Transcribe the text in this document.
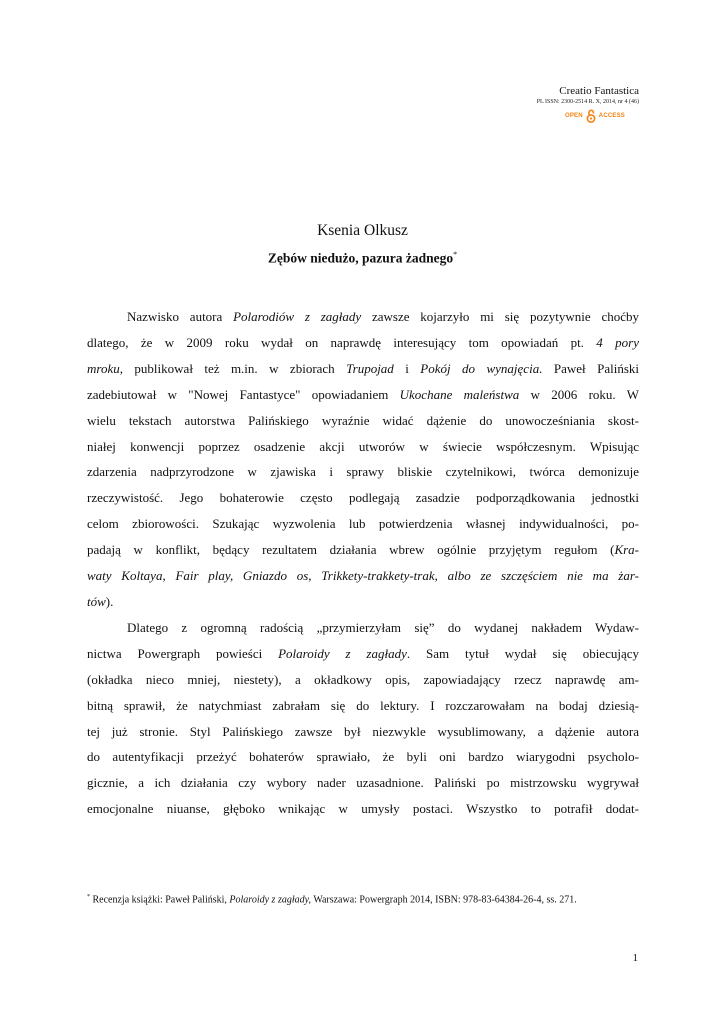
Creatio Fantastica
PL ISSN: 2300-2514 R. X, 2014, nr 4 (46)
OPEN	ACCESS
Ksenia Olkusz
Zębów niedużo, pazura żadnego*

Nazwisko autora Polarodiów z zagłady zawsze kojarzyło mi się pozytywnie choćby

dlatego, że w 2009 roku wydał on naprawdę interesujący tom opowiadań pt. 4 pory

mroku, publikował też m.in. w zbiorach Trupojad i Pokój do wynajęcia. Paweł Paliński

zadebiutował w "Nowej Fantastyce" opowiadaniem Ukochane maleństwa w 2006 roku. W

wielu tekstach autorstwa Palińskiego wyraźnie widać dążenie do unowocześniania skost-

niałej konwencji poprzez osadzenie akcji utworów w świecie współczesnym. Wpisując

zdarzenia nadprzyrodzone w zjawiska i sprawy bliskie czytelnikowi, twórca demonizuje

rzeczywistość. Jego bohaterowie często podlegają zasadzie podporządkowania jednostki

celom zbiorowości. Szukając wyzwolenia lub potwierdzenia własnej indywidualności, po-

padają w konflikt, będący rezultatem działania wbrew ogólnie przyjętym regułom (Kra-

waty Koltaya, Fair play, Gniazdo os, Trikkety-trakkety-trak, albo ze szczęściem nie ma żar-

tów).

Dlatego z ogromną radością „przymierzyłam się” do wydanej nakładem Wydaw-

nictwa Powergraph powieści Polaroidy z zagłady. Sam tytuł wydał się obiecujący

(okładka nieco mniej, niestety), a okładkowy opis, zapowiadający rzecz naprawdę am-

bitną sprawił, że natychmiast zabrałam się do lektury. I rozczarowałam na bodaj dziesią-

tej już stronie. Styl Palińskiego zawsze był niezwykle wysublimowany, a dążenie autora

do autentyfikacji przeżyć bohaterów sprawiało, że byli oni bardzo wiarygodni psycholo-

gicznie, a ich działania czy wybory nader uzasadnione. Paliński po mistrzowsku wygrywał

emocjonalne niuanse, głęboko wnikając w umysły postaci. Wszystko to potrafił dodat-

* Recenzja książki: Paweł Paliński, Polaroidy z zagłady, Warszawa: Powergraph 2014, ISBN: 978-83-64384-26-4, ss. 271.
1
